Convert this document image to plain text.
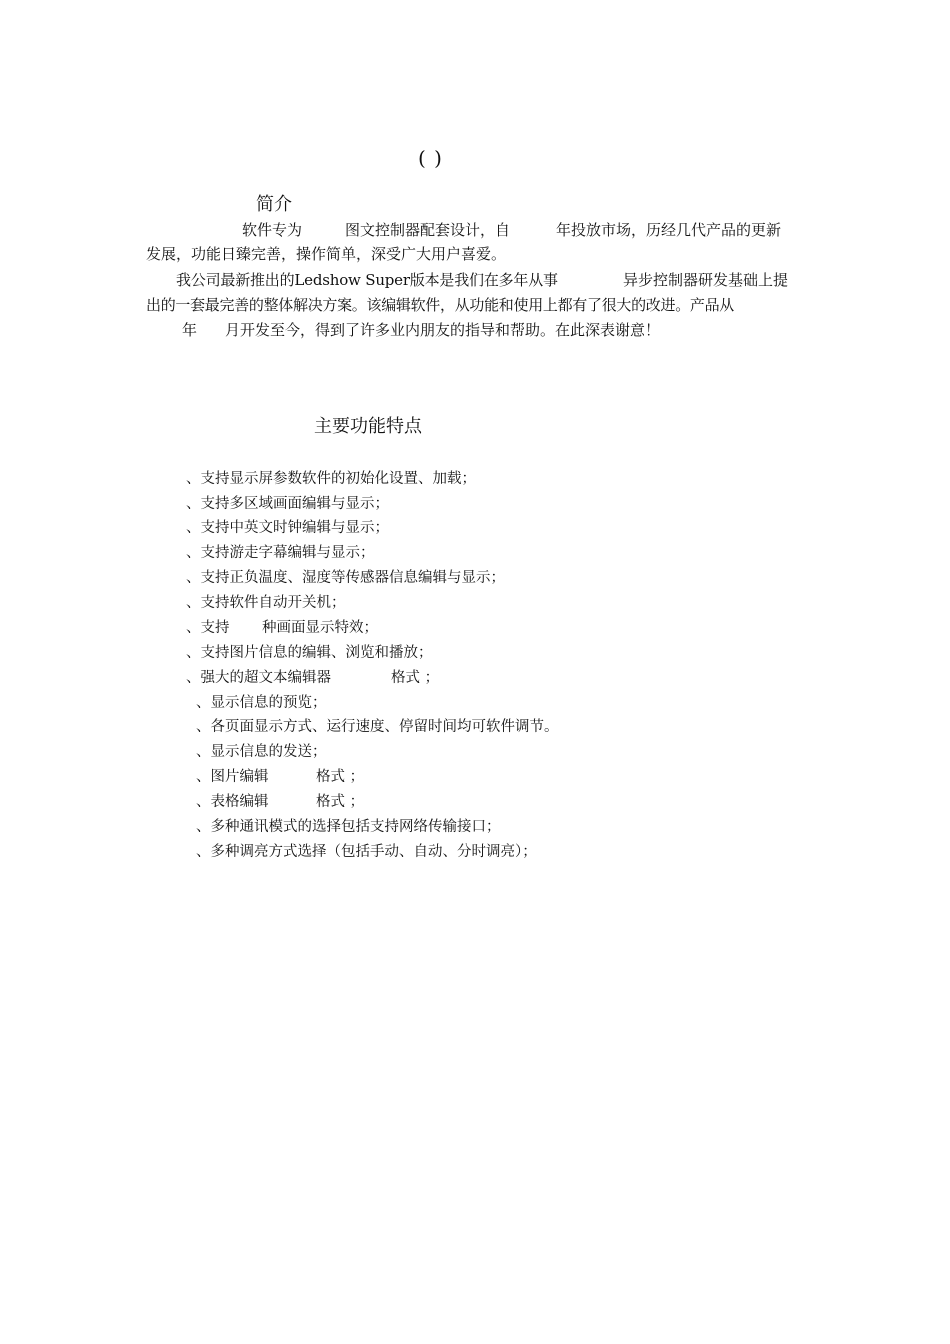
( )
简介
软件专为	图文控制器配套设计，自	年投放市场，历经几代产品的更新
发展，功能日臻完善，操作简单，深受广大用户喜爱。
我公司最新推出的Ledshow Super版本是我们在多年从事	异步控制器研发基础上提
出的一套最完善的整体解决方案。该编辑软件，从功能和使用上都有了很大的改进。产品从
年 月开发至今，得到了许多业内朋友的指导和帮助。在此深表谢意！
主要功能特点
、支持显示屏参数软件的初始化设置、加载；
、支持多区域画面编辑与显示；
、支持中英文时钟编辑与显示；
、支持游走字幕编辑与显示；
、支持正负温度、湿度等传感器信息编辑与显示；
、支持软件自动开关机；
、支持 种画面显示特效；
、支持图片信息的编辑、浏览和播放；
、强大的超文本编辑器	格式 ；
、显示信息的预览；
、各页面显示方式、运行速度、停留时间均可软件调节。
、显示信息的发送；
、图片编辑	格式 ；
、表格编辑	格式 ；
、多种通讯模式的选择包括支持网络传输接口；
、多种调亮方式选择（包括手动、自动、分时调亮）；
